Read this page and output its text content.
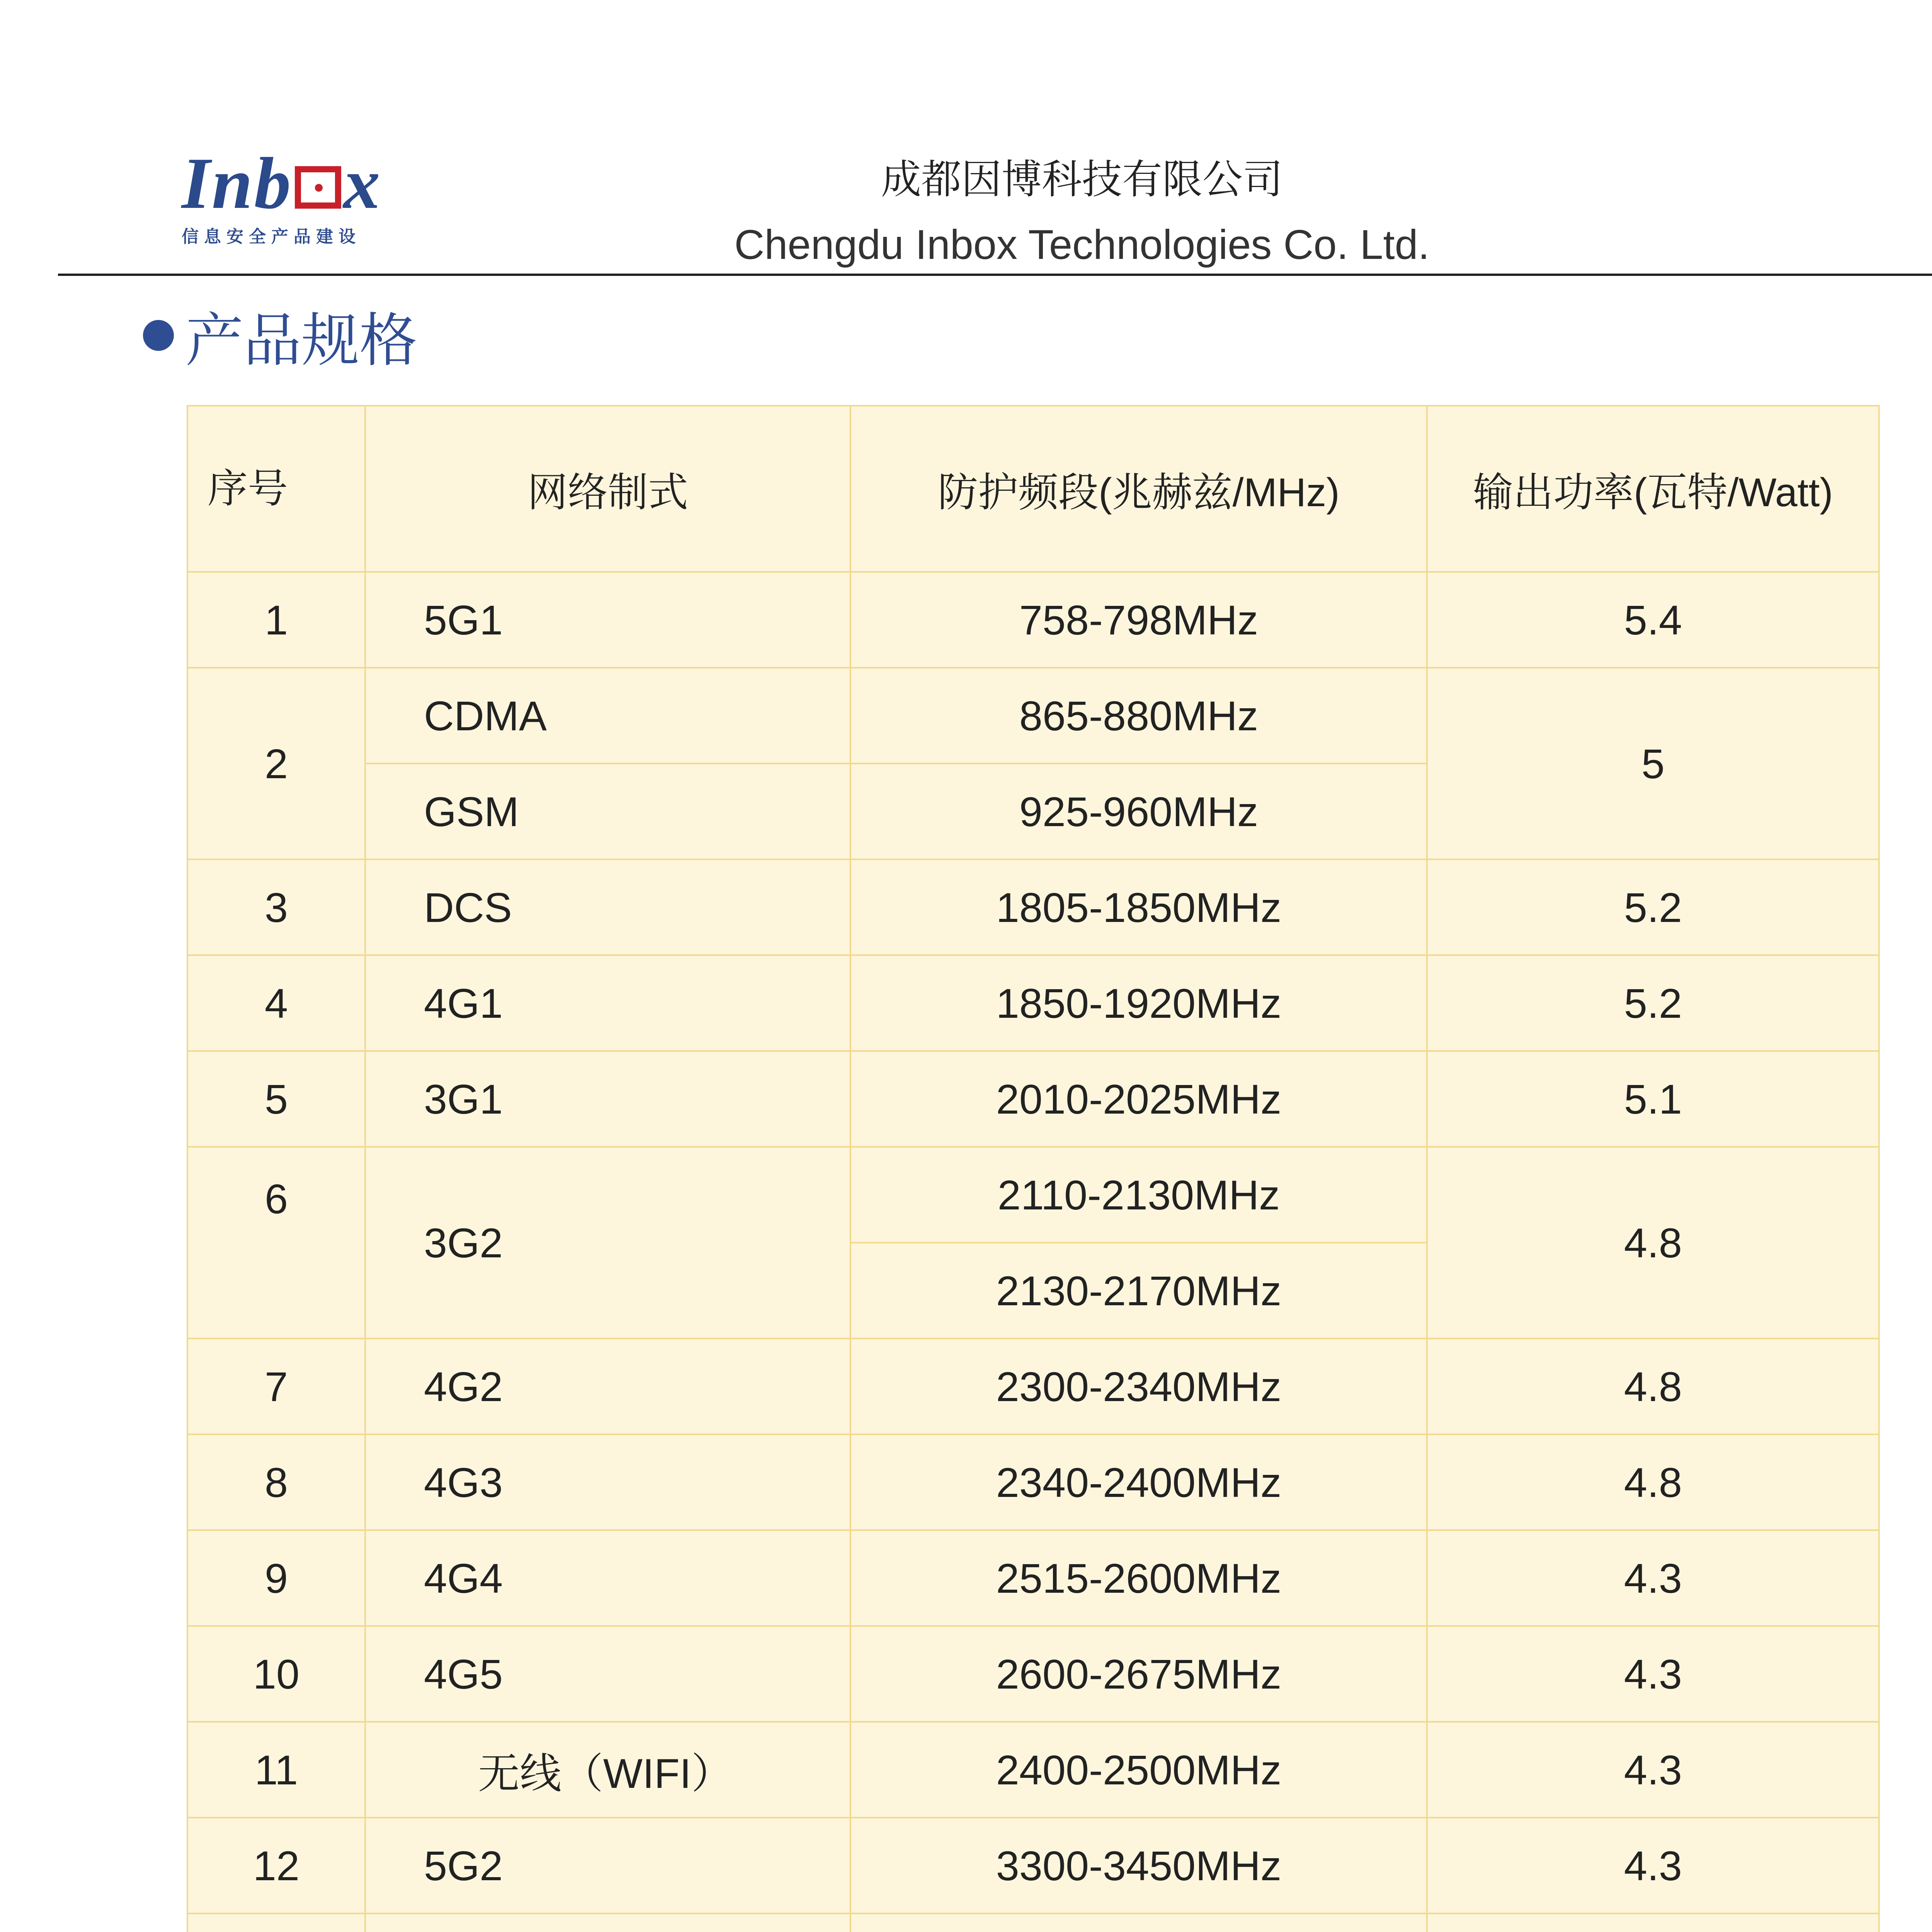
Inb x
信息安全产品建设
成都因博科技有限公司
Chengdu Inbox Technologies Co. Ltd.
产品规格
序号	网络制式	防护频段(兆赫兹/MHz)	输出功率(瓦特/Watt)
1	5G1	758-798MHz	5.4
2	CDMA	865-880MHz	5
	GSM	925-960MHz	
3	DCS	1805-1850MHz	5.2
4	4G1	1850-1920MHz	5.2
5	3G1	2010-2025MHz	5.1
6	3G2	2110-2130MHz	4.8
		2130-2170MHz	
7	4G2	2300-2340MHz	4.8
8	4G3	2340-2400MHz	4.8
9	4G4	2515-2600MHz	4.3
10	4G5	2600-2675MHz	4.3
11	无线（WIFI）	2400-2500MHz	4.3
12	5G2	3300-3450MHz	4.3
